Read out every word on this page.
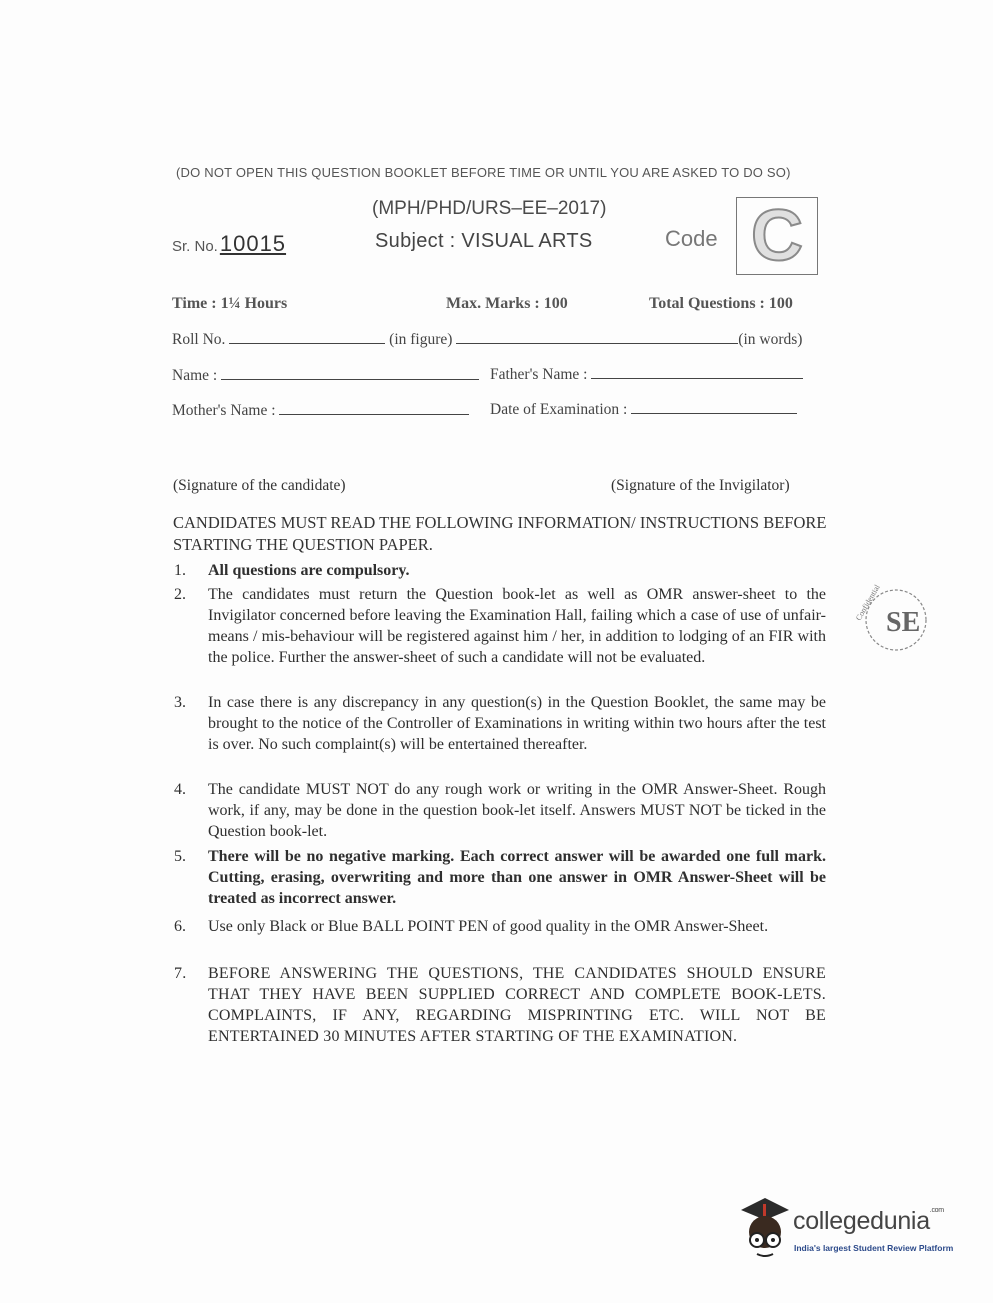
(DO NOT OPEN THIS QUESTION BOOKLET BEFORE TIME OR UNTIL YOU ARE ASKED TO DO SO)
(MPH/PHD/URS–EE–2017)
Subject : VISUAL ARTS
Sr. No.10015	Code C
Time : 1¼ Hours	Max. Marks : 100	Total Questions : 100
Roll No.	(in figure)	(in words)
Name :	Father's Name :
Mother's Name :	Date of Examination :
(Signature of the candidate)	(Signature of the Invigilator)
CANDIDATES MUST READ THE FOLLOWING INFORMATION/ INSTRUCTIONS BEFORE STARTING THE QUESTION PAPER.
1.	All questions are compulsory.
2.	The candidates must return the Question book-let as well as OMR answer-sheet to the Invigilator concerned before leaving the Examination Hall, failing which a case of use of unfair-means / mis-behaviour will be registered against him / her, in addition to lodging of an FIR with the police. Further the answer-sheet of such a candidate will not be evaluated.
3.	In case there is any discrepancy in any question(s) in the Question Booklet, the same may be brought to the notice of the Controller of Examinations in writing within two hours after the test is over. No such complaint(s) will be entertained thereafter.
4.	The candidate MUST NOT do any rough work or writing in the OMR Answer-Sheet. Rough work, if any, may be done in the question book-let itself. Answers MUST NOT be ticked in the Question book-let.
5.	There will be no negative marking. Each correct answer will be awarded one full mark. Cutting, erasing, overwriting and more than one answer in OMR Answer-Sheet will be treated as incorrect answer.
6.	Use only Black or Blue BALL POINT PEN of good quality in the OMR Answer-Sheet.
7.	BEFORE ANSWERING THE QUESTIONS, THE CANDIDATES SHOULD ENSURE THAT THEY HAVE BEEN SUPPLIED CORRECT AND COMPLETE BOOK-LETS. COMPLAINTS, IF ANY, REGARDING MISPRINTING ETC. WILL NOT BE ENTERTAINED 30 MINUTES AFTER STARTING OF THE EXAMINATION.
SE
Confidential
collegedunia$^{.com}$
India's largest Student Review Platform
